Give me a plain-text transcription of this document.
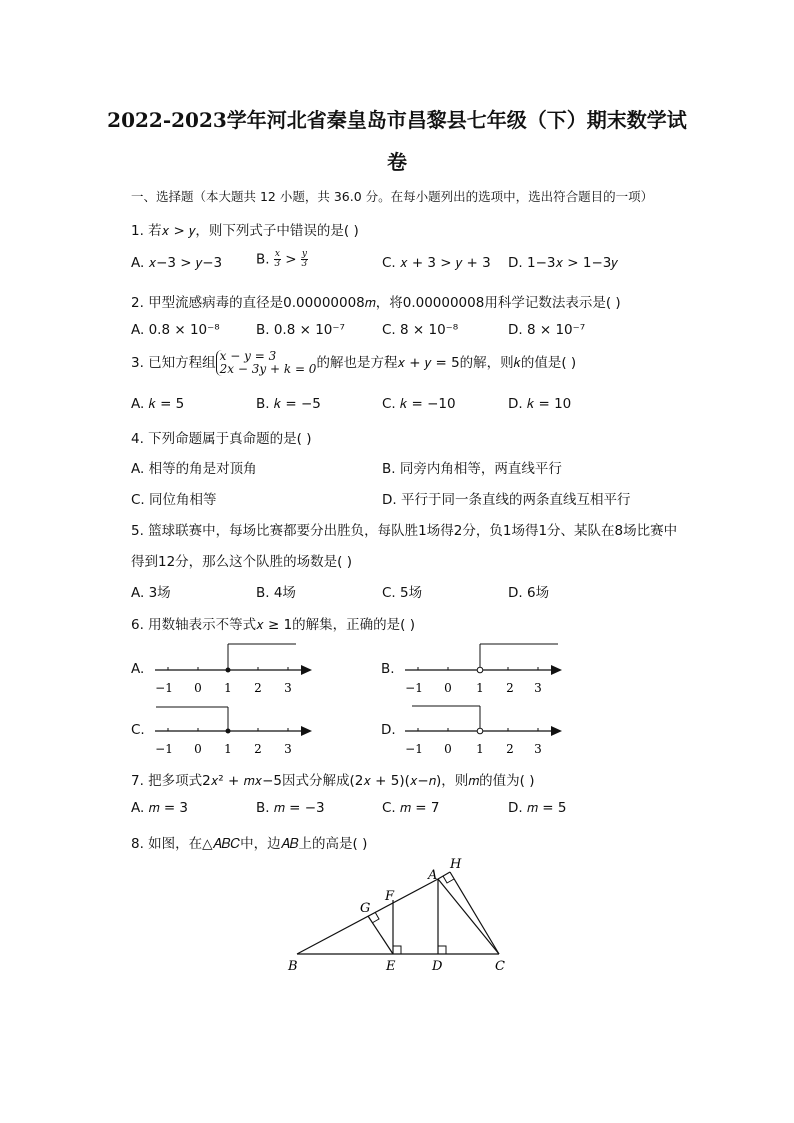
2022-2023学年河北省秦皇岛市昌黎县七年级（下）期末数学试
卷
一、选择题（本大题共 12 小题，共 36.0 分。在每小题列出的选项中，选出符合题目的一项）
1. 若𝑥 > 𝑦，则下列式子中错误的是( )
A. 𝑥−3 > 𝑦−3	B. $\frac{x}{3} > \frac{y}{3}$	C. 𝑥 + 3 > 𝑦 + 3 D. 1−3𝑥 > 1−3𝑦
2. 甲型流感病毒的直径是0.00000008𝑚，将0.00000008用科学记数法表示是( )
A. 0.8 × 10⁻⁸	B. 0.8 × 10⁻⁷	C. 8 × 10⁻⁸	D. 8 × 10⁻⁷
3. 已知方程组 x − y = 3
2x − 3y + k = 0 的解也是方程𝑥 + 𝑦 = 5的解，则𝑘的值是( )
A. 𝑘 = 5	B. 𝑘 = −5	C. 𝑘 = −10	D. 𝑘 = 10
4. 下列命题属于真命题的是( )
A. 相等的角是对顶角	B. 同旁内角相等，两直线平行
C. 同位角相等	D. 平行于同一条直线的两条直线互相平行
5. 篮球联赛中，每场比赛都要分出胜负，每队胜1场得2分，负1场得1分、某队在8场比赛中
得到12分，那么这个队胜的场数是( )
A. 3场	B. 4场	C. 5场	D. 6场
6. 用数轴表示不等式𝑥 ≥ 1的解集，正确的是( )
A.	B.
C.	D.
−1 0 1 2 3	−1 0 1 2 3
−1 0 1 2 3	−1 0 1 2 3
7. 把多项式2𝑥² + 𝑚𝑥−5因式分解成(2𝑥 + 5)(𝑥−𝑛)，则𝑚的值为( )
A. 𝑚 = 3	B. 𝑚 = −3	C. 𝑚 = 7	D. 𝑚 = 5
8. 如图，在△𝐴𝐵𝐶中，边𝐴𝐵上的高是( )
B	E	D	C
A
H
F
G
